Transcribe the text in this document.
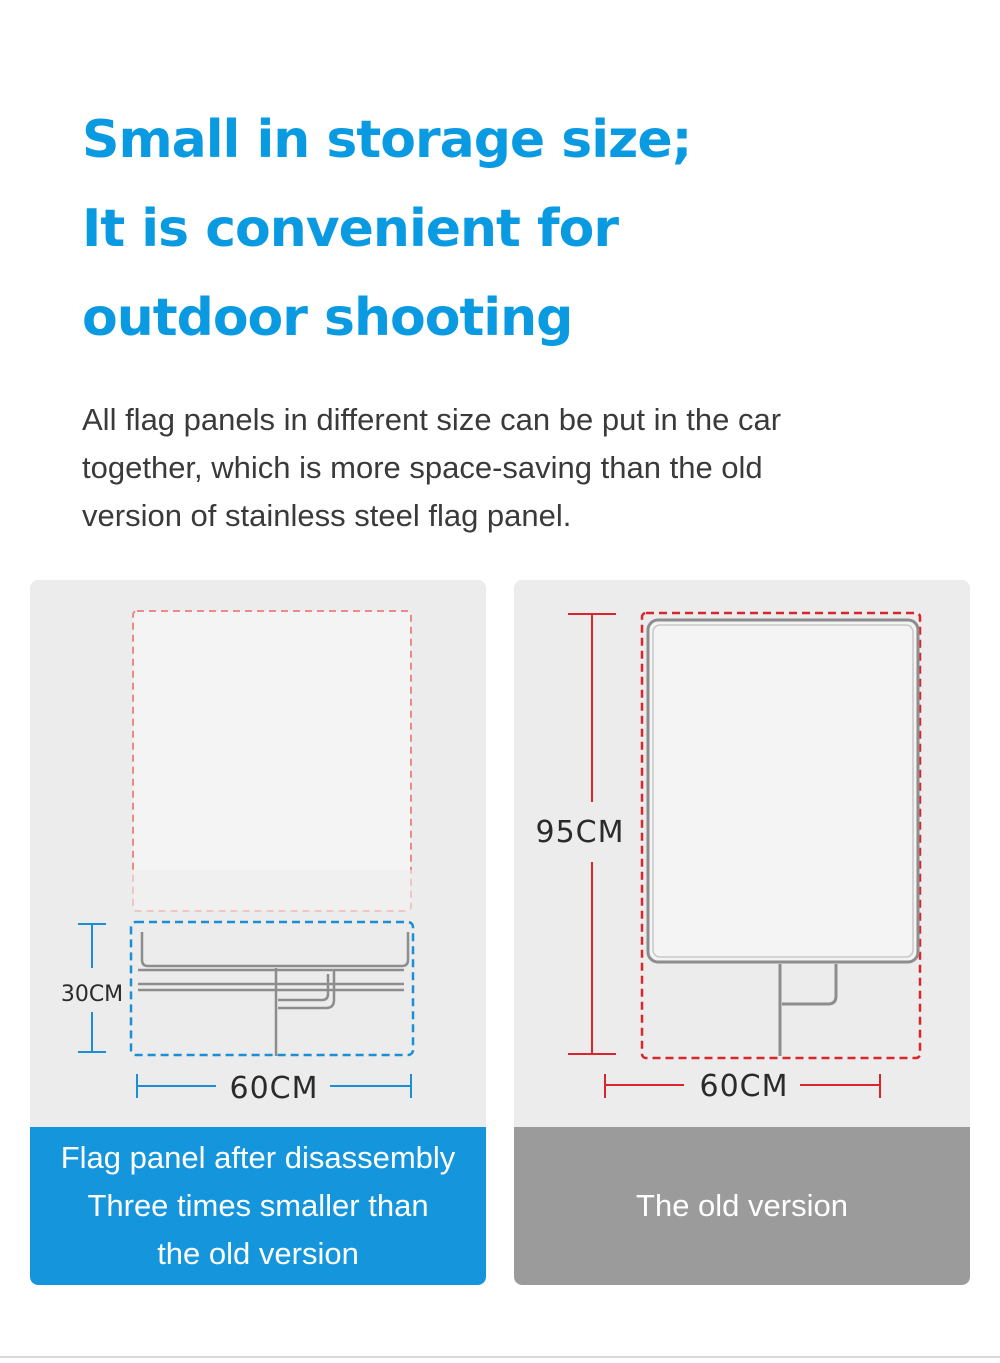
Small in storage size;
It is convenient for
outdoor shooting
All flag panels in different size can be put in the car
together, which is more space-saving than the old
version of stainless steel flag panel.
30CM
60CM
Flag panel after disassembly
Three times smaller than
the old version
95CM
60CM
The old version
